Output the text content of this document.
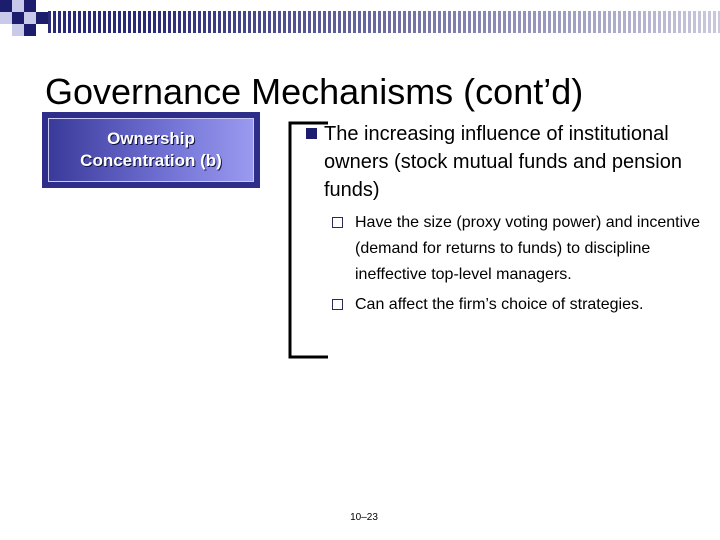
Governance Mechanisms (cont’d)
Ownership
Concentration (b)
The increasing influence of institutional owners (stock mutual funds and pension funds)
Have the size (proxy voting power) and incentive (demand for returns to funds) to discipline ineffective top-level managers.
Can affect the firm’s choice of strategies.
10–23
